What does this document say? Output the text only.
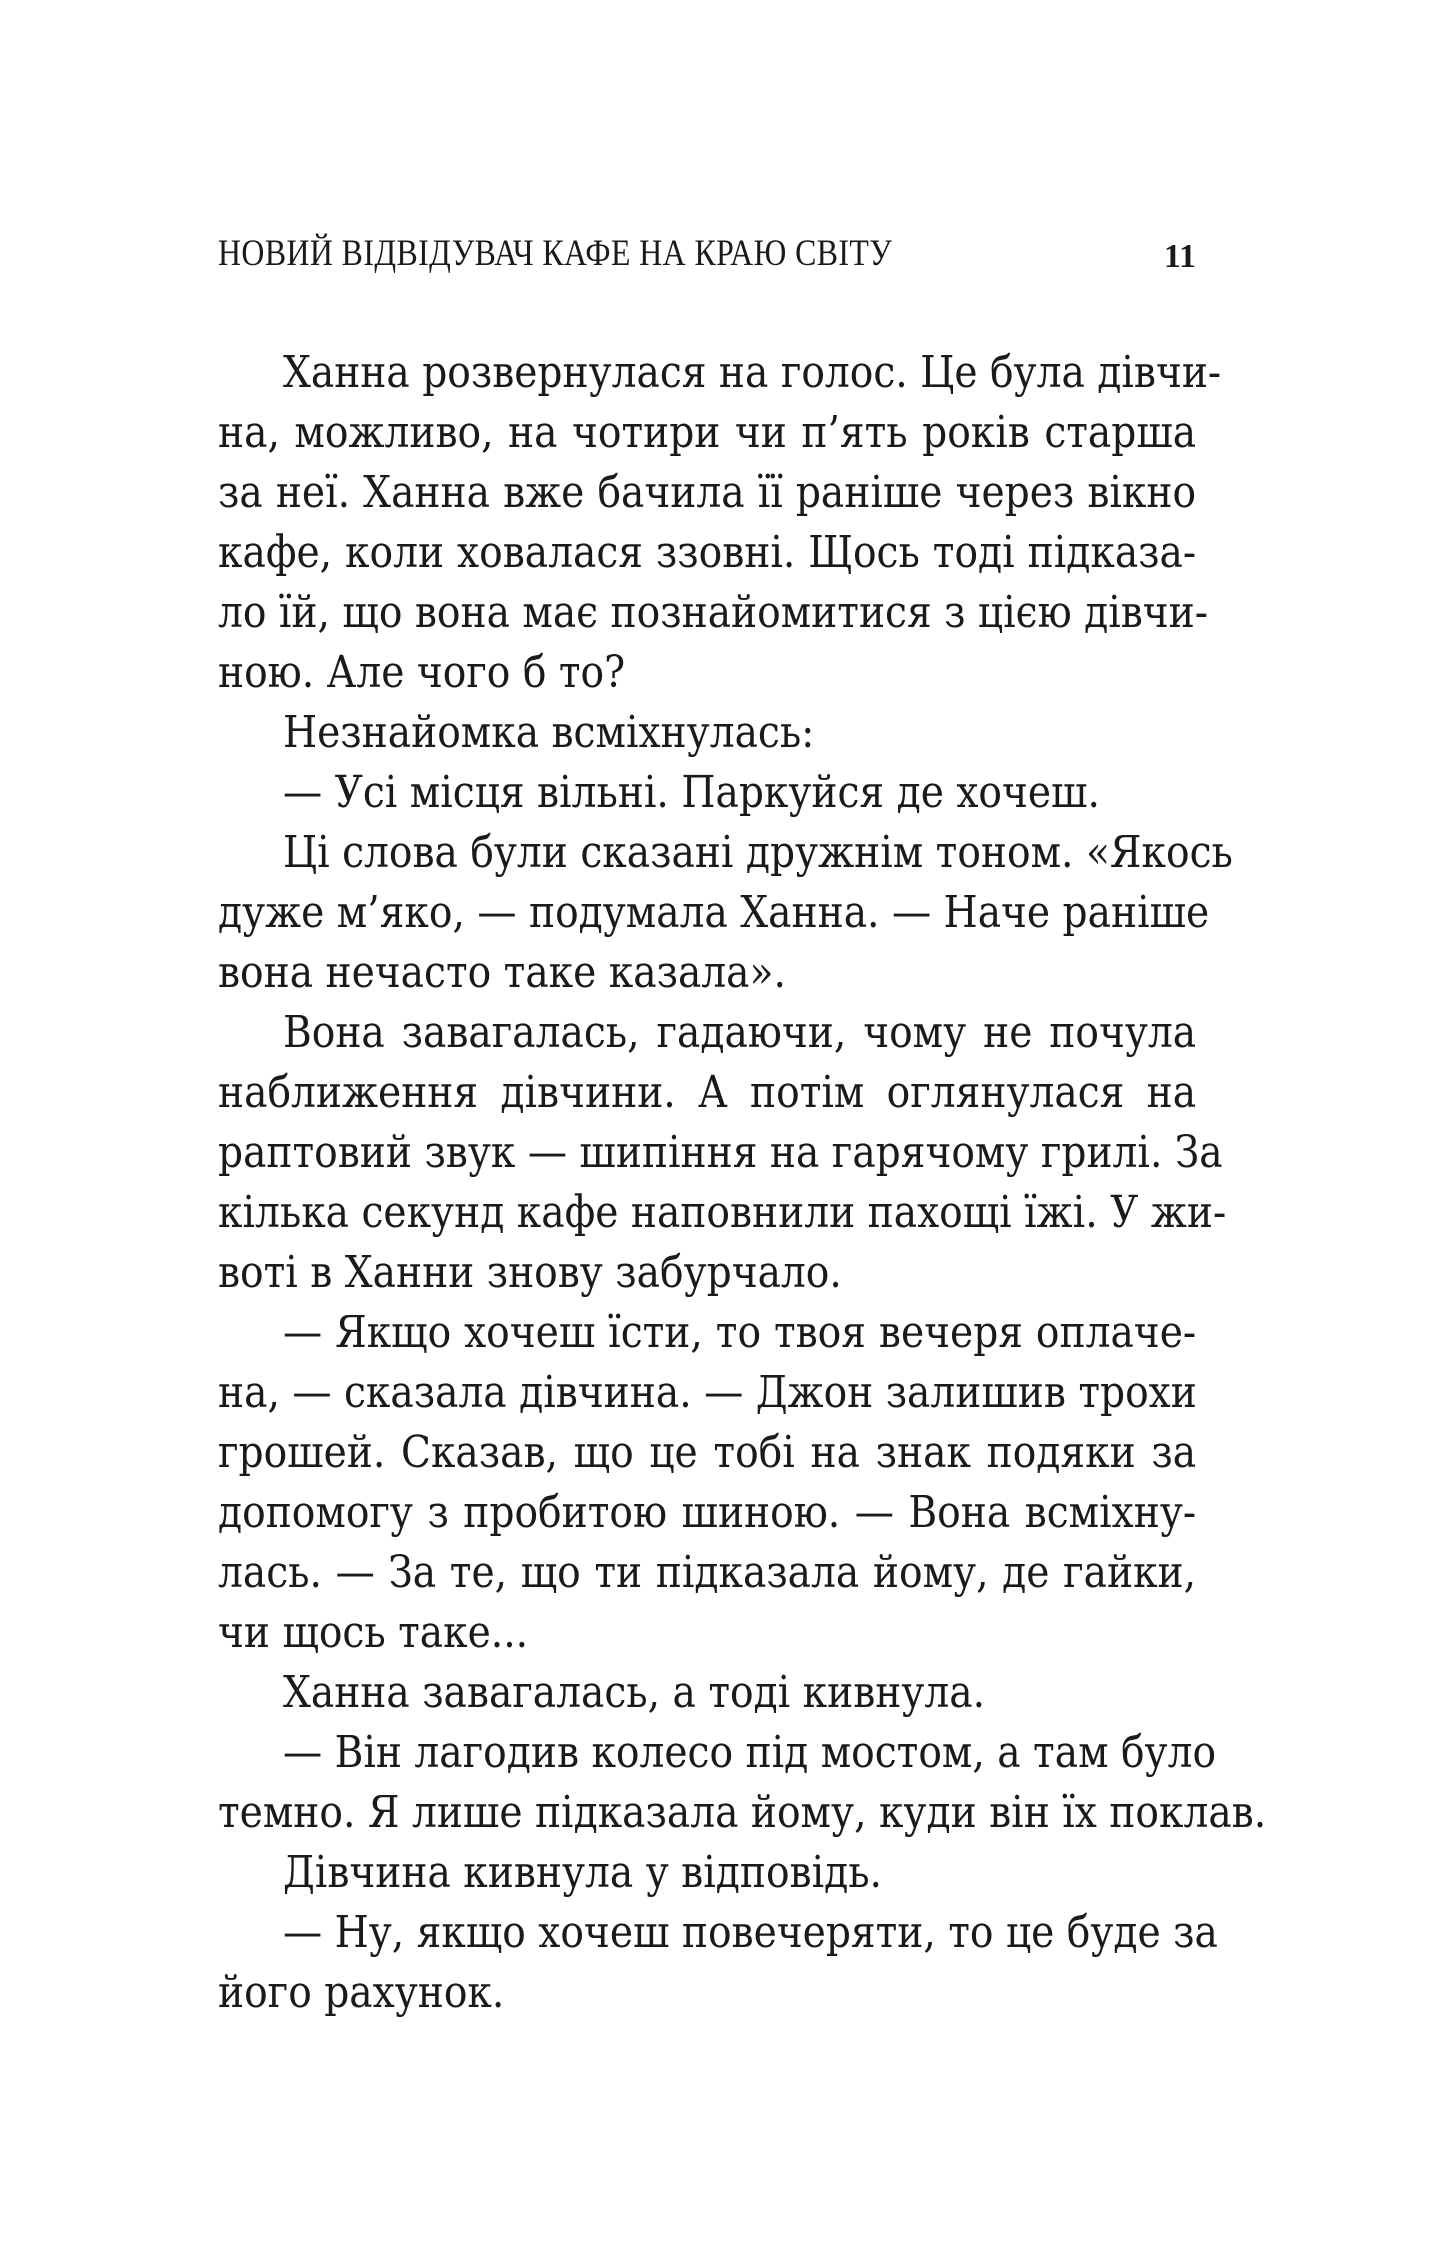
НОВИЙ ВІДВІДУВАЧ КАФЕ НА КРАЮ СВІТУ	11
Ханна розвернулася на голос. Це була дівчи-
на, можливо, на чотири чи п’ять років старша
за неї. Ханна вже бачила її раніше через вікно
кафе, коли ховалася ззовні. Щось тоді підказа-
ло їй, що вона має познайомитися з цією дівчи-
ною. Але чого б то?
Незнайомка всміхнулась:
— Усі місця вільні. Паркуйся де хочеш.
Ці слова були сказані дружнім тоном. «Якось
дуже м’яко, — подумала Ханна. — Наче раніше
вона нечасто таке казала».
Вона завагалась, гадаючи, чому не почула
наближення дівчини. А потім оглянулася на
раптовий звук — шипіння на гарячому грилі. За
кілька секунд кафе наповнили пахощі їжі. У жи-
воті в Ханни знову забурчало.
— Якщо хочеш їсти, то твоя вечеря оплаче-
на, — сказала дівчина. — Джон залишив трохи
грошей. Сказав, що це тобі на знак подяки за
допомогу з пробитою шиною. — Вона всміхну-
лась. — За те, що ти підказала йому, де гайки,
чи щось таке...
Ханна завагалась, а тоді кивнула.
— Він лагодив колесо під мостом, а там було
темно. Я лише підказала йому, куди він їх поклав.
Дівчина кивнула у відповідь.
— Ну, якщо хочеш повечеряти, то це буде за
його рахунок.
